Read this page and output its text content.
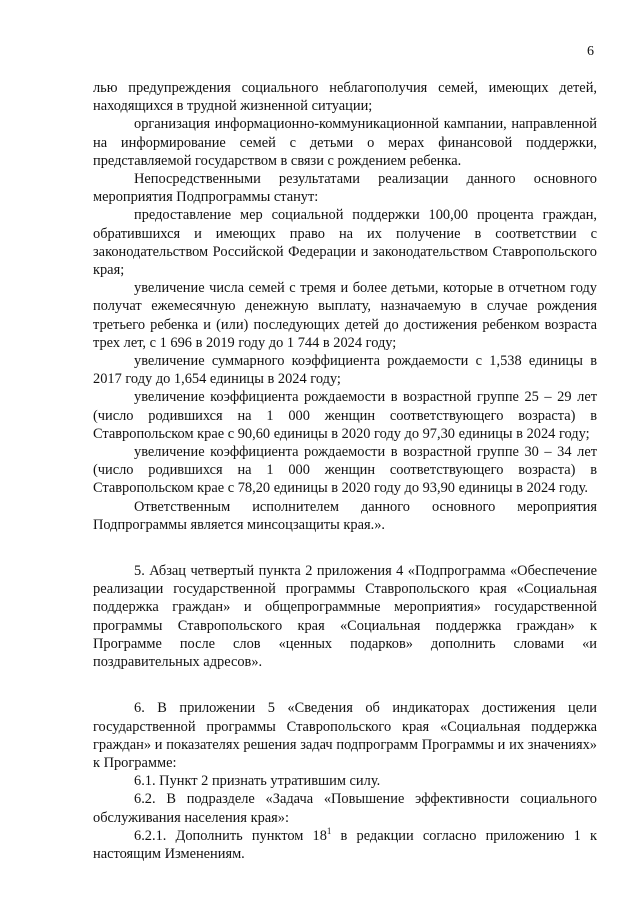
6

лью предупреждения социального неблагополучия семей, имеющих детей, находящихся в трудной жизненной ситуации;

организация информационно-коммуникационной кампании, направленной на информирование семей с детьми о мерах финансовой поддержки, представляемой государством в связи с рождением ребенка.

Непосредственными результатами реализации данного основного мероприятия Подпрограммы станут:

предоставление мер социальной поддержки 100,00 процента граждан, обратившихся и имеющих право на их получение в соответствии с законодательством Российской Федерации и законодательством Ставропольского края;

увеличение числа семей с тремя и более детьми, которые в отчетном году получат ежемесячную денежную выплату, назначаемую в случае рождения третьего ребенка и (или) последующих детей до достижения ребенком возраста трех лет, с 1 696 в 2019 году до 1 744 в 2024 году;

увеличение суммарного коэффициента рождаемости с 1,538 единицы в 2017 году до 1,654 единицы в 2024 году;

увеличение коэффициента рождаемости в возрастной группе 25 – 29 лет (число родившихся на 1 000 женщин соответствующего возраста) в Ставропольском крае с 90,60 единицы в 2020 году до 97,30 единицы в 2024 году;

увеличение коэффициента рождаемости в возрастной группе 30 – 34 лет (число родившихся на 1 000 женщин соответствующего возраста) в Ставропольском крае с 78,20 единицы в 2020 году до 93,90 единицы в 2024 году.

Ответственным исполнителем данного основного мероприятия Подпрограммы является минсоцзащиты края.».

5. Абзац четвертый пункта 2 приложения 4 «Подпрограмма «Обеспечение реализации государственной программы Ставропольского края «Социальная поддержка граждан» и общепрограммные мероприятия» государственной программы Ставропольского края «Социальная поддержка граждан» к Программе после слов «ценных подарков» дополнить словами «и поздравительных адресов».

6. В приложении 5 «Сведения об индикаторах достижения цели государственной программы Ставропольского края «Социальная поддержка граждан» и показателях решения задач подпрограмм Программы и их значениях» к Программе:

6.1. Пункт 2 признать утратившим силу.

6.2. В подразделе «Задача «Повышение эффективности социального обслуживания населения края»:

6.2.1. Дополнить пунктом $18^1$ в редакции согласно приложению 1 к настоящим Изменениям.
